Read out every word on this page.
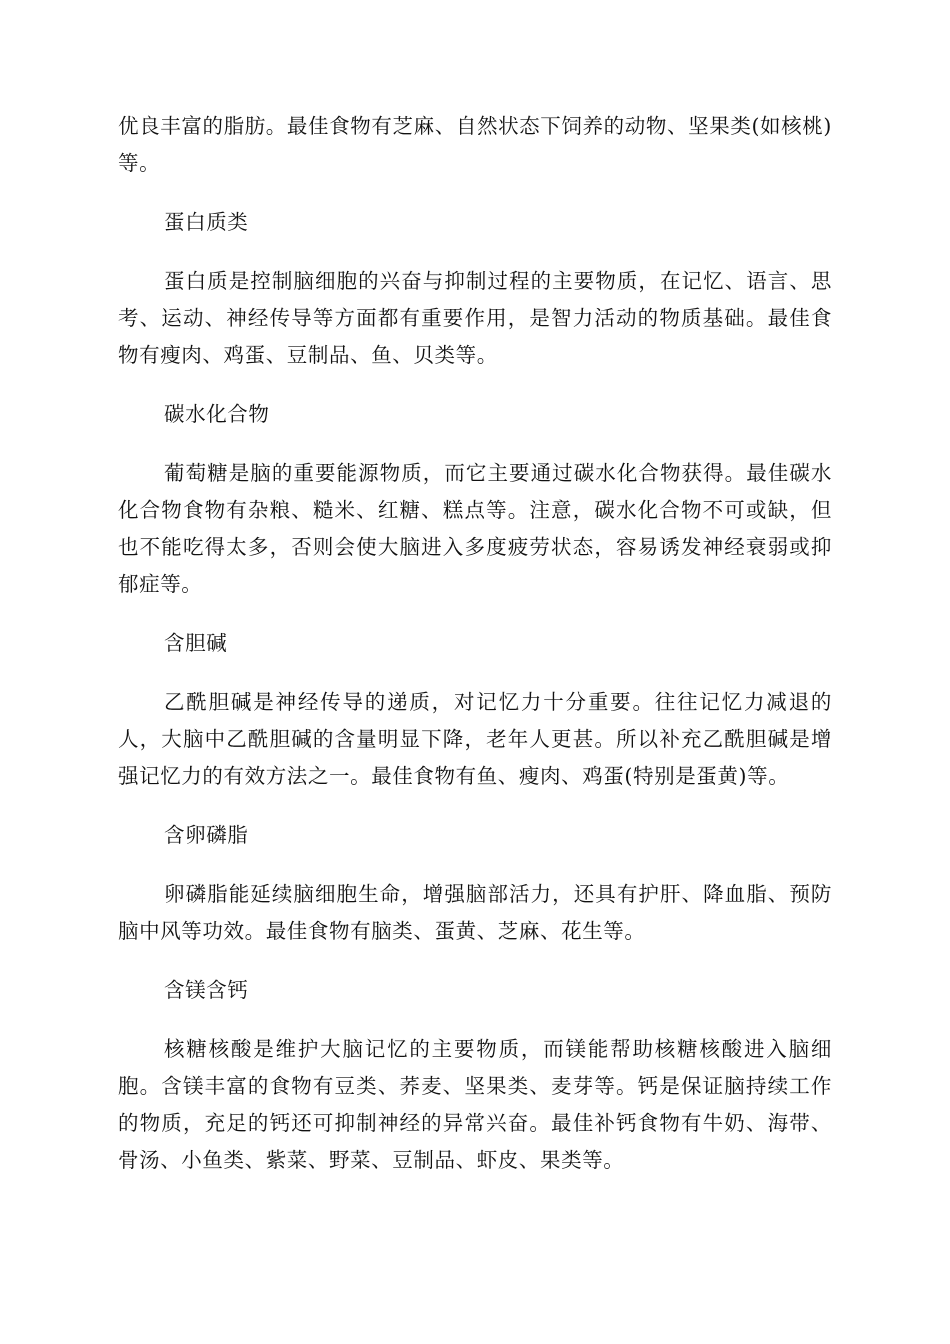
优良丰富的脂肪。最佳食物有芝麻、自然状态下饲养的动物、坚果类(如核桃)等。

蛋白质类

蛋白质是控制脑细胞的兴奋与抑制过程的主要物质，在记忆、语言、思考、运动、神经传导等方面都有重要作用，是智力活动的物质基础。最佳食物有瘦肉、鸡蛋、豆制品、鱼、贝类等。

碳水化合物

葡萄糖是脑的重要能源物质，而它主要通过碳水化合物获得。最佳碳水化合物食物有杂粮、糙米、红糖、糕点等。注意，碳水化合物不可或缺，但也不能吃得太多，否则会使大脑进入多度疲劳状态，容易诱发神经衰弱或抑郁症等。

含胆碱

乙酰胆碱是神经传导的递质，对记忆力十分重要。往往记忆力减退的人，大脑中乙酰胆碱的含量明显下降，老年人更甚。所以补充乙酰胆碱是增强记忆力的有效方法之一。最佳食物有鱼、瘦肉、鸡蛋(特别是蛋黄)等。

含卵磷脂

卵磷脂能延续脑细胞生命，增强脑部活力，还具有护肝、降血脂、预防脑中风等功效。最佳食物有脑类、蛋黄、芝麻、花生等。

含镁含钙

核糖核酸是维护大脑记忆的主要物质，而镁能帮助核糖核酸进入脑细胞。含镁丰富的食物有豆类、荞麦、坚果类、麦芽等。钙是保证脑持续工作的物质，充足的钙还可抑制神经的异常兴奋。最佳补钙食物有牛奶、海带、骨汤、小鱼类、紫菜、野菜、豆制品、虾皮、果类等。
